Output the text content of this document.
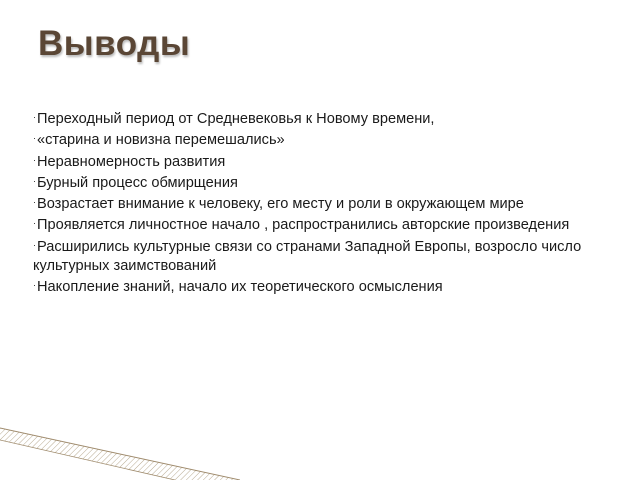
Выводы
·Переходный период от Средневековья к Новому времени,
·«старина и новизна перемешались»
·Неравномерность развития
·Бурный процесс обмирщения
·Возрастает внимание к человеку, его месту и роли в окружающем мире
·Проявляется личностное начало , распространились авторские произведения
·Расширились культурные связи со странами Западной Европы, возросло число культурных заимствований
·Накопление знаний, начало их теоретического осмысления
